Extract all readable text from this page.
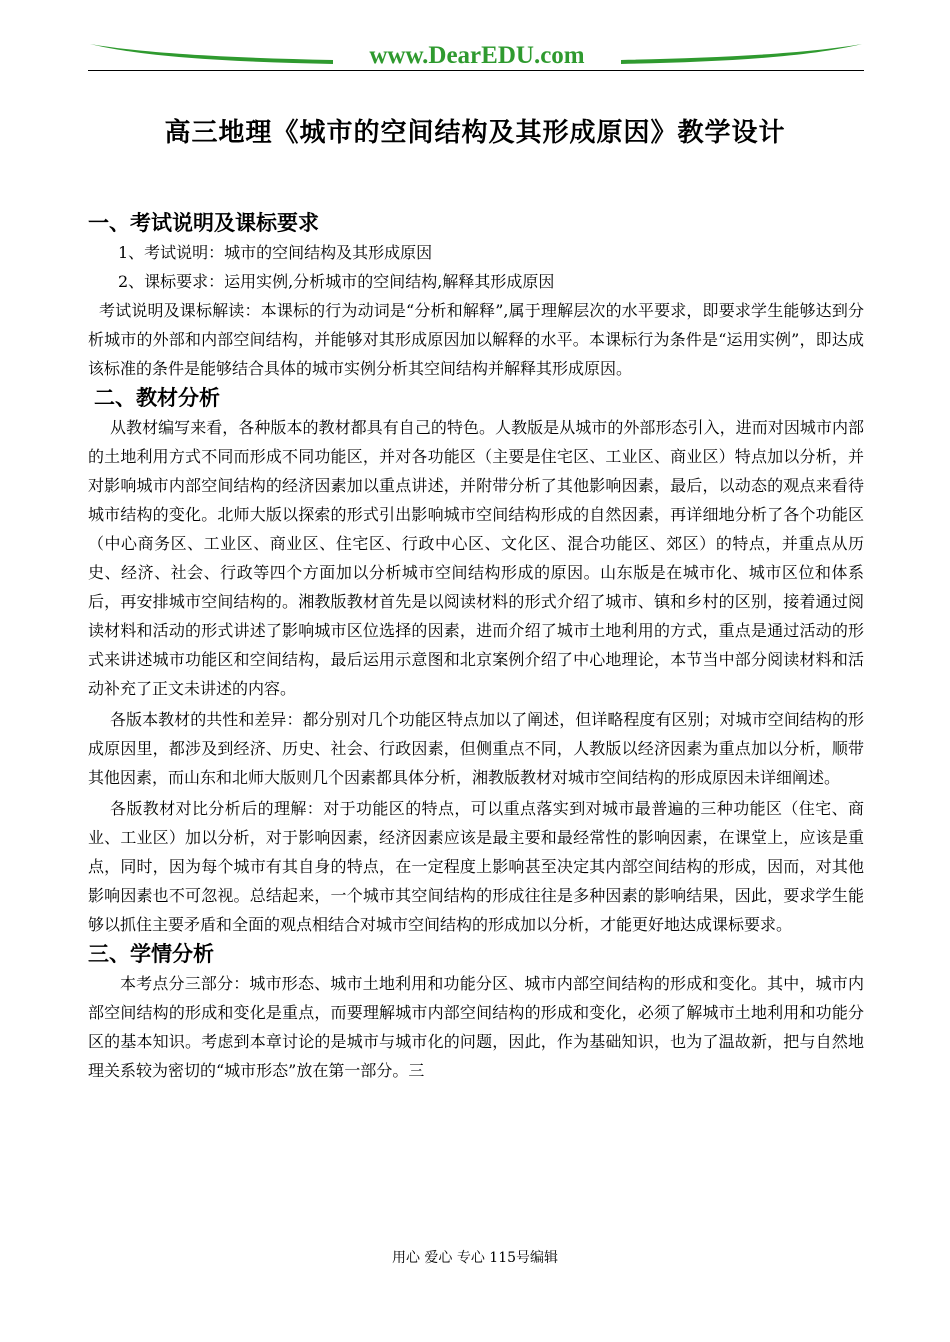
www.DearEDU.com
高三地理《城市的空间结构及其形成原因》教学设计

一、考试说明及课标要求

1、考试说明：城市的空间结构及其形成原因

2、课标要求：运用实例,分析城市的空间结构,解释其形成原因

考试说明及课标解读：本课标的行为动词是“分析和解释”,属于理解层次的水平要求，即要求学生能够达到分析城市的外部和内部空间结构，并能够对其形成原因加以解释的水平。本课标行为条件是“运用实例”，即达成该标准的条件是能够结合具体的城市实例分析其空间结构并解释其形成原因。

二、教材分析

从教材编写来看，各种版本的教材都具有自己的特色。人教版是从城市的外部形态引入，进而对因城市内部的土地利用方式不同而形成不同功能区，并对各功能区（主要是住宅区、工业区、商业区）特点加以分析，并对影响城市内部空间结构的经济因素加以重点讲述，并附带分析了其他影响因素，最后，以动态的观点来看待城市结构的变化。北师大版以探索的形式引出影响城市空间结构形成的自然因素，再详细地分析了各个功能区（中心商务区、工业区、商业区、住宅区、行政中心区、文化区、混合功能区、郊区）的特点，并重点从历史、经济、社会、行政等四个方面加以分析城市空间结构形成的原因。山东版是在城市化、城市区位和体系后，再安排城市空间结构的。湘教版教材首先是以阅读材料的形式介绍了城市、镇和乡村的区别，接着通过阅读材料和活动的形式讲述了影响城市区位选择的因素，进而介绍了城市土地利用的方式，重点是通过活动的形式来讲述城市功能区和空间结构，最后运用示意图和北京案例介绍了中心地理论，本节当中部分阅读材料和活动补充了正文未讲述的内容。

各版本教材的共性和差异：都分别对几个功能区特点加以了阐述，但详略程度有区别；对城市空间结构的形成原因里，都涉及到经济、历史、社会、行政因素，但侧重点不同，人教版以经济因素为重点加以分析，顺带其他因素，而山东和北师大版则几个因素都具体分析，湘教版教材对城市空间结构的形成原因未详细阐述。

各版教材对比分析后的理解：对于功能区的特点，可以重点落实到对城市最普遍的三种功能区（住宅、商业、工业区）加以分析，对于影响因素，经济因素应该是最主要和最经常性的影响因素，在课堂上，应该是重点，同时，因为每个城市有其自身的特点，在一定程度上影响甚至决定其内部空间结构的形成，因而，对其他影响因素也不可忽视。总结起来，一个城市其空间结构的形成往往是多种因素的影响结果，因此，要求学生能够以抓住主要矛盾和全面的观点相结合对城市空间结构的形成加以分析，才能更好地达成课标要求。

三、学情分析

本考点分三部分：城市形态、城市土地利用和功能分区、城市内部空间结构的形成和变化。其中，城市内部空间结构的形成和变化是重点，而要理解城市内部空间结构的形成和变化，必须了解城市土地利用和功能分区的基本知识。考虑到本章讨论的是城市与城市化的问题，因此，作为基础知识，也为了温故新，把与自然地理关系较为密切的“城市形态”放在第一部分。三

用心 爱心 专心 115号编辑
